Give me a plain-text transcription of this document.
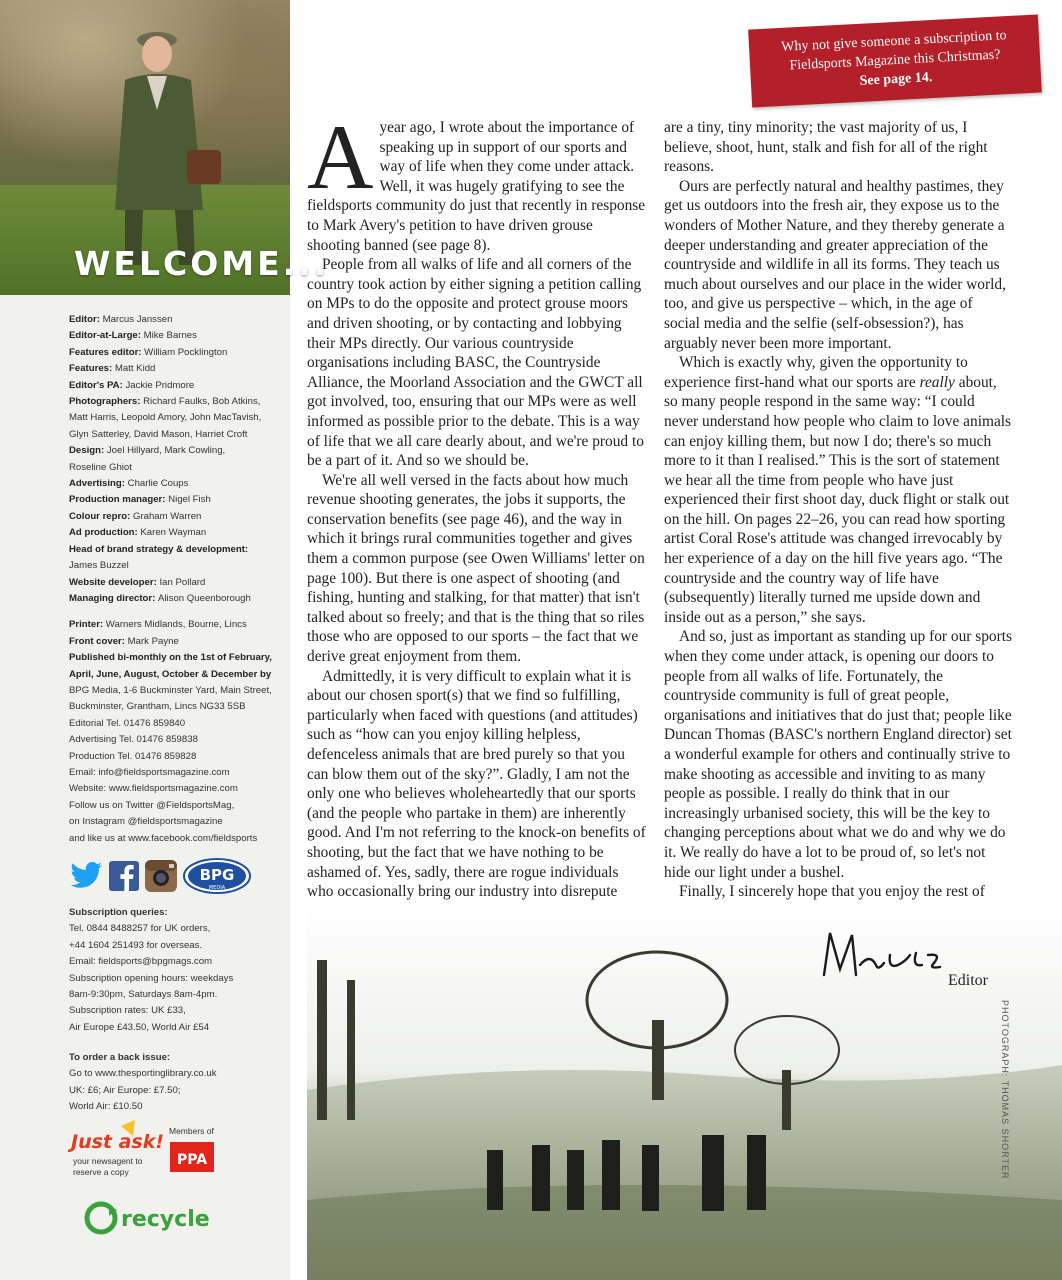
WELCOME...
Editor: Marcus Janssen
Editor-at-Large: Mike Barnes
Features editor: William Pocklington
Features: Matt Kidd
Editor's PA: Jackie Pridmore
Photographers: Richard Faulks, Bob Atkins,
Matt Harris, Leopold Amory, John MacTavish,
Glyn Satterley, David Mason, Harriet Croft
Design: Joel Hillyard, Mark Cowling,
Roseline Ghiot
Advertising: Charlie Coups
Production manager: Nigel Fish
Colour repro: Graham Warren
Ad production: Karen Wayman
Head of brand strategy & development:
James Buzzel
Website developer: Ian Pollard
Managing director: Alison Queenborough
Printer: Warners Midlands, Bourne, Lincs
Front cover: Mark Payne
Published bi-monthly on the 1st of February,
April, June, August, October & December by
BPG Media, 1-6 Buckminster Yard, Main Street,
Buckminster, Grantham, Lincs NG33 5SB
Editorial Tel. 01476 859840
Advertising Tel. 01476 859838
Production Tel. 01476 859828
Email: info@fieldsportsmagazine.com
Website: www.fieldsportsmagazine.com
Follow us on Twitter @FieldsportsMag,
on Instagram @fieldsportsmagazine
and like us at www.facebook.com/fieldsports
BPG
MEDIA
Subscription queries:
Tel. 0844 8488257 for UK orders,
+44 1604 251493 for overseas.
Email: fieldsports@bpgmags.com
Subscription opening hours: weekdays
8am-9:30pm, Saturdays 8am-4pm.
Subscription rates: UK £33,
Air Europe £43.50, World Air £54
To order a back issue:
Go to www.thesportinglibrary.co.uk
UK: £6; Air Europe: £7.50;
World Air: £10.50
Just ask!
your newsagent to
reserve a copy
Members of
PPA
recycle
Why not give someone a subscription to
Fieldsports Magazine this Christmas?
See page 14.

Ayear ago, I wrote about the importance of speaking up in support of our sports and way of life when they come under attack. Well, it was hugely gratifying to see the fieldsports community do just that recently in response to Mark Avery's petition to have driven grouse shooting banned (see page 8).

People from all walks of life and all corners of the country took action by either signing a petition calling on MPs to do the opposite and protect grouse moors and driven shooting, or by contacting and lobbying their MPs directly. Our various countryside organisations including BASC, the Countryside Alliance, the Moorland Association and the GWCT all got involved, too, ensuring that our MPs were as well informed as possible prior to the debate. This is a way of life that we all care dearly about, and we're proud to be a part of it. And so we should be.

We're all well versed in the facts about how much revenue shooting generates, the jobs it supports, the conservation benefits (see page 46), and the way in which it brings rural communities together and gives them a common purpose (see Owen Williams' letter on page 100). But there is one aspect of shooting (and fishing, hunting and stalking, for that matter) that isn't talked about so freely; and that is the thing that so riles those who are opposed to our sports – the fact that we derive great enjoyment from them.

Admittedly, it is very difficult to explain what it is about our chosen sport(s) that we find so fulfilling, particularly when faced with questions (and attitudes) such as “how can you enjoy killing helpless, defenceless animals that are bred purely so that you can blow them out of the sky?”. Gladly, I am not the only one who believes wholeheartedly that our sports (and the people who partake in them) are inherently good. And I'm not referring to the knock-on benefits of shooting, but the fact that we have nothing to be ashamed of. Yes, sadly, there are rogue individuals who occasionally bring our industry into disrepute

are a tiny, tiny minority; the vast majority of us, I believe, shoot, hunt, stalk and fish for all of the right reasons.

Ours are perfectly natural and healthy pastimes, they get us outdoors into the fresh air, they expose us to the wonders of Mother Nature, and they thereby generate a deeper understanding and greater appreciation of the countryside and wildlife in all its forms. They teach us much about ourselves and our place in the wider world, too, and give us perspective – which, in the age of social media and the selfie (self-obsession?), has arguably never been more important.

Which is exactly why, given the opportunity to experience first-hand what our sports are really about, so many people respond in the same way: “I could never understand how people who claim to love animals can enjoy killing them, but now I do; there's so much more to it than I realised.” This is the sort of statement we hear all the time from people who have just experienced their first shoot day, duck flight or stalk out on the hill. On pages 22–26, you can read how sporting artist Coral Rose's attitude was changed irrevocably by her experience of a day on the hill five years ago. “The countryside and the country way of life have (subsequently) literally turned me upside down and inside out as a person,” she says.

And so, just as important as standing up for our sports when they come under attack, is opening our doors to people from all walks of life. Fortunately, the countryside community is full of great people, organisations and initiatives that do just that; people like Duncan Thomas (BASC's northern England director) set a wonderful example for others and continually strive to make shooting as accessible and inviting to as many people as possible. I really do think that in our increasingly urbanised society, this will be the key to changing perceptions about what we do and why we do it. We really do have a lot to be proud of, so let's not hide our light under a bushel.

Finally, I sincerely hope that you enjoy the rest of

PHOTOGRAPH: THOMAS SHORTER
Editor
